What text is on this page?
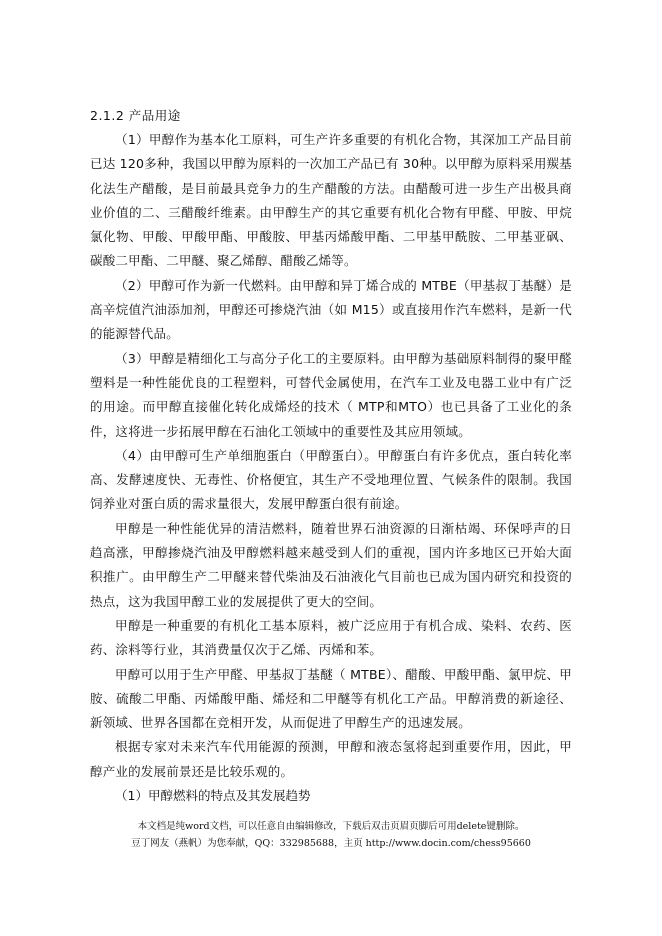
2.1.2 产品用途

（1）甲醇作为基本化工原料，可生产许多重要的有机化合物，其深加工产品目前已达 120多种，我国以甲醇为原料的一次加工产品已有 30种。以甲醇为原料采用羰基化法生产醋酸，是目前最具竞争力的生产醋酸的方法。由醋酸可进一步生产出极具商业价值的二、三醋酸纤维素。由甲醇生产的其它重要有机化合物有甲醛、甲胺、甲烷氯化物、甲酸、甲酸甲酯、甲酸胺、甲基丙烯酸甲酯、二甲基甲酰胺、二甲基亚砜、碳酸二甲酯、二甲醚、聚乙烯醇、醋酸乙烯等。

（2）甲醇可作为新一代燃料。由甲醇和异丁烯合成的 MTBE（甲基叔丁基醚）是高辛烷值汽油添加剂，甲醇还可掺烧汽油（如 M15）或直接用作汽车燃料，是新一代的能源替代品。

（3）甲醇是精细化工与高分子化工的主要原料。由甲醇为基础原料制得的聚甲醛塑料是一种性能优良的工程塑料，可替代金属使用，在汽车工业及电器工业中有广泛的用途。而甲醇直接催化转化成烯烃的技术（ MTP和MTO）也已具备了工业化的条件，这将进一步拓展甲醇在石油化工领域中的重要性及其应用领域。

（4）由甲醇可生产单细胞蛋白（甲醇蛋白）。甲醇蛋白有许多优点，蛋白转化率高、发酵速度快、无毒性、价格便宜，其生产不受地理位置、气候条件的限制。我国饲养业对蛋白质的需求量很大，发展甲醇蛋白很有前途。

甲醇是一种性能优异的清洁燃料，随着世界石油资源的日渐枯竭、环保呼声的日趋高涨，甲醇掺烧汽油及甲醇燃料越来越受到人们的重视，国内许多地区已开始大面积推广。由甲醇生产二甲醚来替代柴油及石油液化气目前也已成为国内研究和投资的热点，这为我国甲醇工业的发展提供了更大的空间。

甲醇是一种重要的有机化工基本原料，被广泛应用于有机合成、染料、农药、医药、涂料等行业，其消费量仅次于乙烯、丙烯和苯。

甲醇可以用于生产甲醛、甲基叔丁基醚（ MTBE）、醋酸、甲酸甲酯、氯甲烷、甲胺、硫酸二甲酯、丙烯酸甲酯、烯烃和二甲醚等有机化工产品。甲醇消费的新途径、新领域、世界各国都在竞相开发，从而促进了甲醇生产的迅速发展。

根据专家对未来汽车代用能源的预测，甲醇和液态氢将起到重要作用，因此，甲醇产业的发展前景还是比较乐观的。

（1）甲醇燃料的特点及其发展趋势

本文档是纯word文档，可以任意自由编辑修改，下载后双击页眉页脚后可用delete键删除。
豆丁网友（燕帆）为您奉献，QQ：332985688，主页 http://www.docin.com/chess95660
